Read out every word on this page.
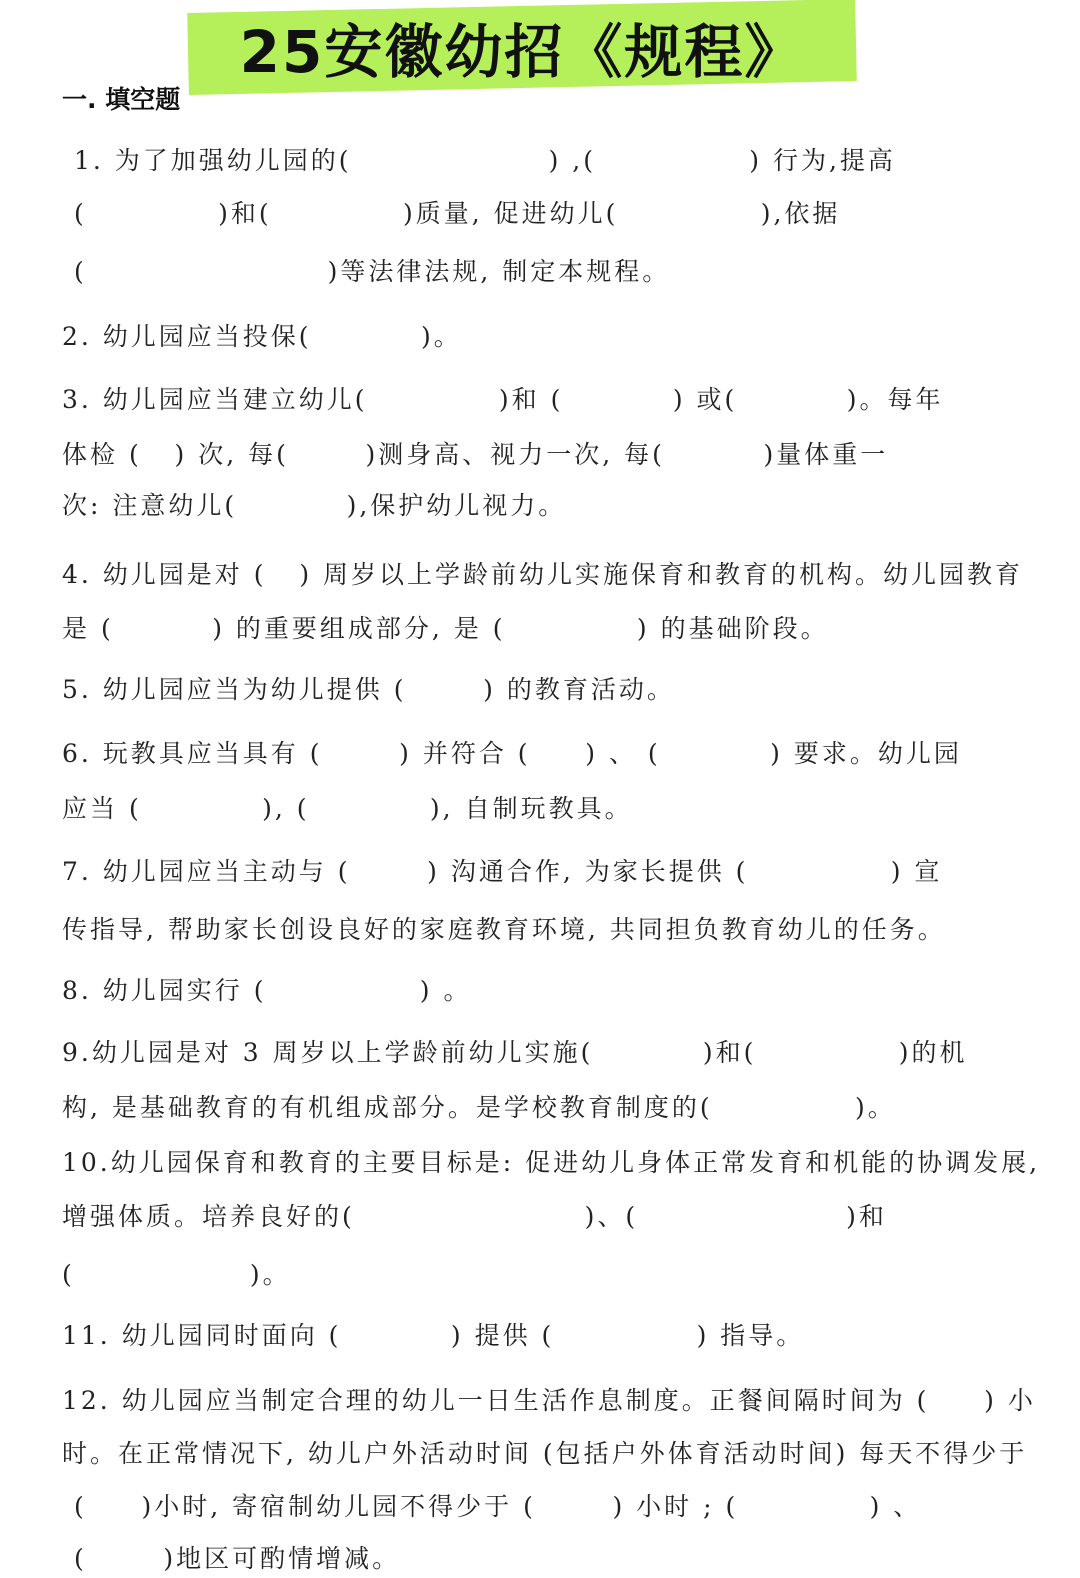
25安徽幼招《规程》
一. 填空题
1. 为了加强幼儿园的(                  ) ,(              ) 行为,提高
(            )和(            )质量, 促进幼儿(             ),依据
(                      )等法律法规, 制定本规程。
2. 幼儿园应当投保(          )。
3. 幼儿园应当建立幼儿(            )和 (          ) 或(          )。每年
体检 (   ) 次, 每(       )测身高、视力一次, 每(         )量体重一
次: 注意幼儿(          ),保护幼儿视力。
4. 幼儿园是对 (   ) 周岁以上学龄前幼儿实施保育和教育的机构。幼儿园教育
是 (         ) 的重要组成部分, 是 (            ) 的基础阶段。
5. 幼儿园应当为幼儿提供 (       ) 的教育活动。
6. 玩教具应当具有 (       ) 并符合 (     ) 、 (          ) 要求。幼儿园
应当 (           ), (           ), 自制玩教具。
7. 幼儿园应当主动与 (       ) 沟通合作, 为家长提供 (             ) 宣
传指导, 帮助家长创设良好的家庭教育环境, 共同担负教育幼儿的任务。
8. 幼儿园实行 (              ) 。
9.幼儿园是对 3 周岁以上学龄前幼儿实施(          )和(             )的机
构, 是基础教育的有机组成部分。是学校教育制度的(             )。
10.幼儿园保育和教育的主要目标是: 促进幼儿身体正常发育和机能的协调发展,
增强体质。培养良好的(                     )、(                   )和
(                )。
11. 幼儿园同时面向 (          ) 提供 (             ) 指导。
12. 幼儿园应当制定合理的幼儿一日生活作息制度。正餐间隔时间为 (     ) 小
时。在正常情况下, 幼儿户外活动时间 (包括户外体育活动时间) 每天不得少于
(     )小时, 寄宿制幼儿园不得少于 (       ) 小时 ; (            ) 、
(       )地区可酌情增减。
